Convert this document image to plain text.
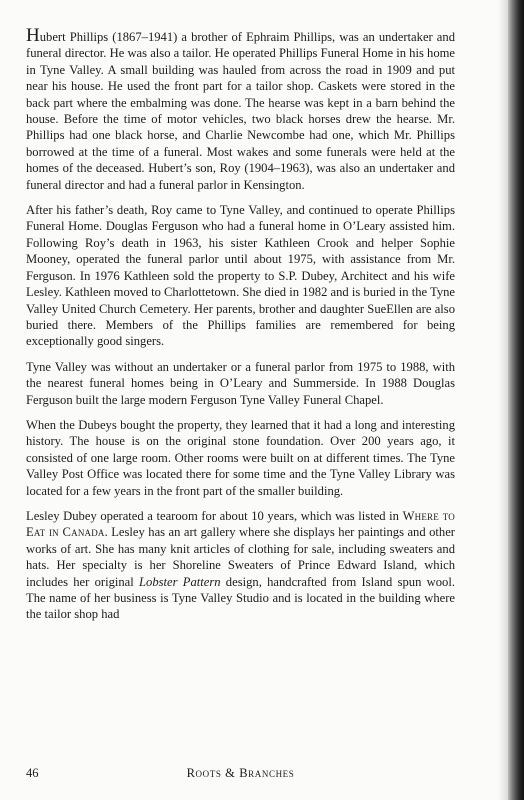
Hubert Phillips (1867–1941) a brother of Ephraim Phillips, was an undertaker and funeral director. He was also a tailor. He operated Phillips Funeral Home in his home in Tyne Valley. A small building was hauled from across the road in 1909 and put near his house. He used the front part for a tailor shop. Caskets were stored in the back part where the embalming was done. The hearse was kept in a barn behind the house. Before the time of motor vehicles, two black horses drew the hearse. Mr. Phillips had one black horse, and Charlie Newcombe had one, which Mr. Phillips borrowed at the time of a funeral. Most wakes and some funerals were held at the homes of the deceased. Hubert’s son, Roy (1904–1963), was also an undertaker and funeral director and had a funeral parlor in Kensington.

After his father’s death, Roy came to Tyne Valley, and continued to operate Phillips Funeral Home. Douglas Ferguson who had a funeral home in O’Leary assisted him. Following Roy’s death in 1963, his sister Kathleen Crook and helper Sophie Mooney, operated the funeral parlor until about 1975, with assistance from Mr. Ferguson. In 1976 Kathleen sold the property to S.P. Dubey, Architect and his wife Lesley. Kathleen moved to Charlottetown. She died in 1982 and is buried in the Tyne Valley United Church Cemetery. Her parents, brother and daughter SueEllen are also buried there. Members of the Phillips families are remembered for being exceptionally good singers.

Tyne Valley was without an undertaker or a funeral parlor from 1975 to 1988, with the nearest funeral homes being in O’Leary and Summerside. In 1988 Douglas Ferguson built the large modern Ferguson Tyne Valley Funeral Chapel.

When the Dubeys bought the property, they learned that it had a long and interesting history. The house is on the original stone foundation. Over 200 years ago, it consisted of one large room. Other rooms were built on at different times. The Tyne Valley Post Office was located there for some time and the Tyne Valley Library was located for a few years in the front part of the smaller building.

Lesley Dubey operated a tearoom for about 10 years, which was listed in Where to Eat in Canada. Lesley has an art gallery where she displays her paintings and other works of art. She has many knit articles of clothing for sale, including sweaters and hats. Her specialty is her Shoreline Sweaters of Prince Edward Island, which includes her original Lobster Pattern design, handcrafted from Island spun wool. The name of her business is Tyne Valley Studio and is located in the building where the tailor shop had

46	Roots & Branches
